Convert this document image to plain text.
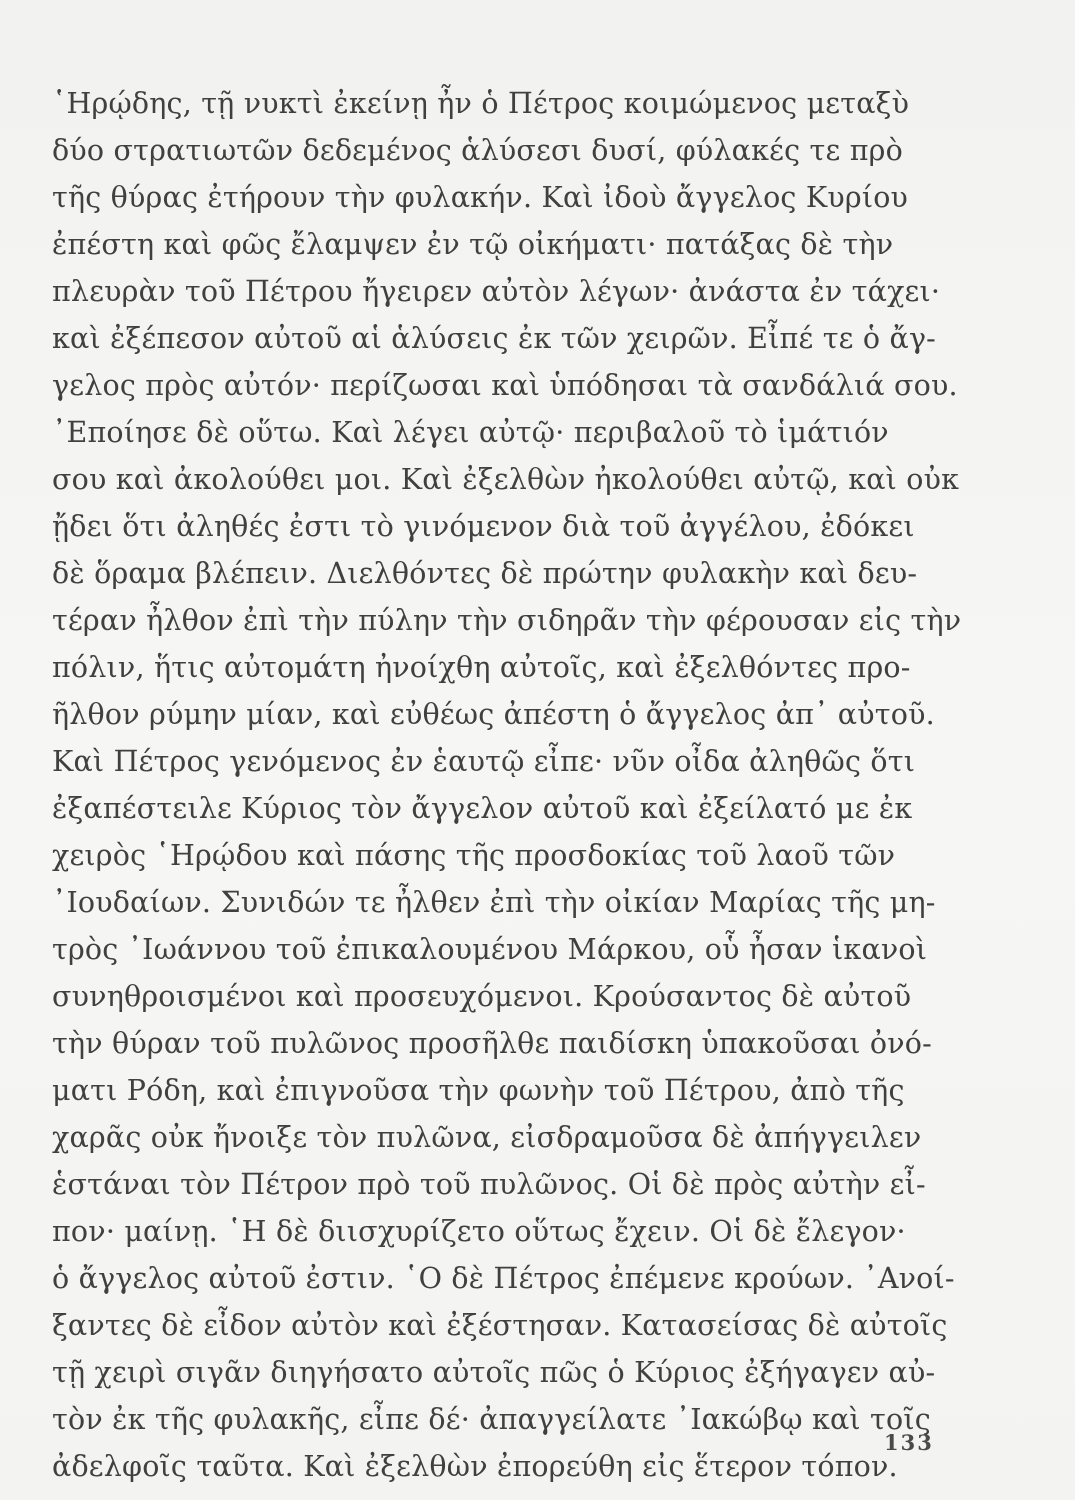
῾Ηρῴδης, τῇ νυκτὶ ἐκείνῃ ἦν ὁ Πέτρος κοιμώμενος μεταξὺ
δύο στρατιωτῶν δεδεμένος ἁλύσεσι δυσί, φύλακές τε πρὸ
τῆς θύρας ἐτήρουν τὴν φυλακήν. Καὶ ἰδοὺ ἄγγελος Κυρίου
ἐπέστη καὶ φῶς ἔλαμψεν ἐν τῷ οἰκήματι· πατάξας δὲ τὴν
πλευρὰν τοῦ Πέτρου ἤγειρεν αὐτὸν λέγων· ἀνάστα ἐν τάχει·
καὶ ἐξέπεσον αὐτοῦ αἱ ἁλύσεις ἐκ τῶν χειρῶν. Εἶπέ τε ὁ ἄγ-
γελος πρὸς αὐτόν· περίζωσαι καὶ ὑπόδησαι τὰ σανδάλιά σου.
᾿Εποίησε δὲ οὕτω. Καὶ λέγει αὐτῷ· περιβαλοῦ τὸ ἱμάτιόν
σου καὶ ἀκολούθει μοι. Καὶ ἐξελθὼν ἠκολούθει αὐτῷ, καὶ οὐκ
ᾔδει ὅτι ἀληθές ἐστι τὸ γινόμενον διὰ τοῦ ἀγγέλου, ἐδόκει
δὲ ὅραμα βλέπειν. Διελθόντες δὲ πρώτην φυλακὴν καὶ δευ-
τέραν ἦλθον ἐπὶ τὴν πύλην τὴν σιδηρᾶν τὴν φέρουσαν εἰς τὴν
πόλιν, ἥτις αὐτομάτη ἠνοίχθη αὐτοῖς, καὶ ἐξελθόντες προ-
ῆλθον ρύμην μίαν, καὶ εὐθέως ἀπέστη ὁ ἄγγελος ἀπ᾿ αὐτοῦ.
Καὶ Πέτρος γενόμενος ἐν ἑαυτῷ εἶπε· νῦν οἶδα ἀληθῶς ὅτι
ἐξαπέστειλε Κύριος τὸν ἄγγελον αὐτοῦ καὶ ἐξείλατό με ἐκ
χειρὸς ῾Ηρῴδου καὶ πάσης τῆς προσδοκίας τοῦ λαοῦ τῶν
᾿Ιουδαίων. Συνιδών τε ἦλθεν ἐπὶ τὴν οἰκίαν Μαρίας τῆς μη-
τρὸς ᾿Ιωάννου τοῦ ἐπικαλουμένου Μάρκου, οὗ ἦσαν ἱκανοὶ
συνηθροισμένοι καὶ προσευχόμενοι. Κρούσαντος δὲ αὐτοῦ
τὴν θύραν τοῦ πυλῶνος προσῆλθε παιδίσκη ὑπακοῦσαι ὀνό-
ματι Ρόδη, καὶ ἐπιγνοῦσα τὴν φωνὴν τοῦ Πέτρου, ἀπὸ τῆς
χαρᾶς οὐκ ἤνοιξε τὸν πυλῶνα, εἰσδραμοῦσα δὲ ἀπήγγειλεν
ἑστάναι τὸν Πέτρον πρὸ τοῦ πυλῶνος. Οἱ δὲ πρὸς αὐτὴν εἶ-
πον· μαίνῃ. ῾Η δὲ διισχυρίζετο οὕτως ἔχειν. Οἱ δὲ ἔλεγον·
ὁ ἄγγελος αὐτοῦ ἐστιν. ῾Ο δὲ Πέτρος ἐπέμενε κρούων. ᾿Ανοί-
ξαντες δὲ εἶδον αὐτὸν καὶ ἐξέστησαν. Κατασείσας δὲ αὐτοῖς
τῇ χειρὶ σιγᾶν διηγήσατο αὐτοῖς πῶς ὁ Κύριος ἐξήγαγεν αὐ-
τὸν ἐκ τῆς φυλακῆς, εἶπε δέ· ἀπαγγείλατε ᾿Ιακώβῳ καὶ τοῖς
ἀδελφοῖς ταῦτα. Καὶ ἐξελθὼν ἐπορεύθη εἰς ἕτερον τόπον.
133
